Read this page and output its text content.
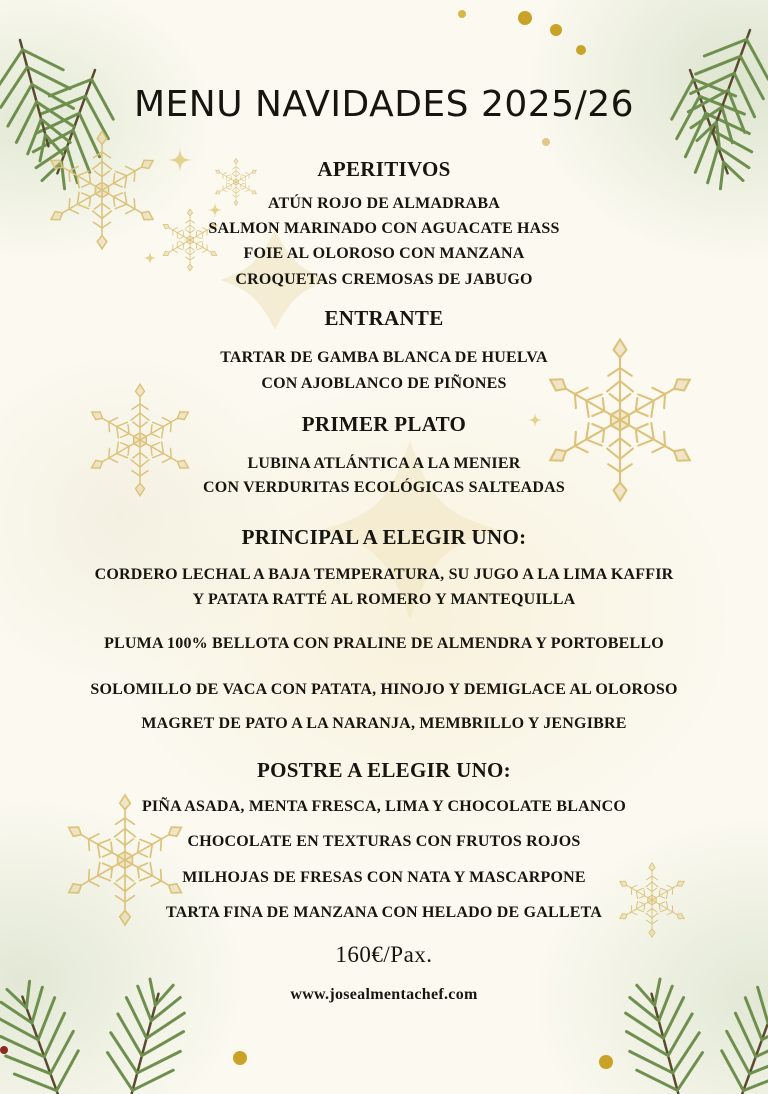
MENU NAVIDADES 2025/26
APERITIVOS
ATÚN ROJO DE ALMADRABA
SALMON MARINADO CON AGUACATE HASS
FOIE AL OLOROSO CON MANZANA
CROQUETAS CREMOSAS DE JABUGO
ENTRANTE
TARTAR DE GAMBA BLANCA DE HUELVA
CON AJOBLANCO DE PIÑONES
PRIMER PLATO
LUBINA ATLÁNTICA A LA MENIER
CON VERDURITAS ECOLÓGICAS SALTEADAS
PRINCIPAL A ELEGIR UNO:
CORDERO LECHAL A BAJA TEMPERATURA, SU JUGO A LA LIMA KAFFIR
Y PATATA RATTÉ AL ROMERO Y MANTEQUILLA
PLUMA 100% BELLOTA CON PRALINE DE ALMENDRA Y PORTOBELLO
SOLOMILLO DE VACA CON PATATA, HINOJO Y DEMIGLACE AL OLOROSO
MAGRET DE PATO A LA NARANJA, MEMBRILLO Y JENGIBRE
POSTRE A ELEGIR UNO:
PIÑA ASADA, MENTA FRESCA, LIMA Y CHOCOLATE BLANCO
CHOCOLATE EN TEXTURAS CON FRUTOS ROJOS
MILHOJAS DE FRESAS CON NATA Y MASCARPONE
TARTA FINA DE MANZANA CON HELADO DE GALLETA
160€/Pax.
www.josealmentachef.com
